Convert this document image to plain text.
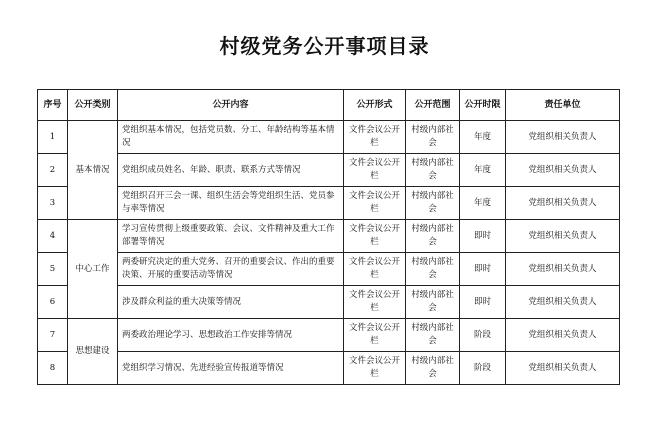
村级党务公开事项目录
序号	公开类别	公开内容	公开形式	公开范围	公开时限	责任单位
1	基本情况	党组织基本情况，包括党员数、分工、年龄结构等基本情况	文件会议公开栏	村级内部社会	年度	党组织相关负责人
2		党组织成员姓名、年龄、职责、联系方式等情况	文件会议公开栏	村级内部社会	年度	党组织相关负责人
3		党组织召开三会一课、组织生活会等党组织生活、党员参与率等情况	文件会议公开栏	村级内部社会	年度	党组织相关负责人
4	中心工作	学习宣传贯彻上级重要政策、会议、文件精神及重大工作部署等情况	文件会议公开栏	村级内部社会	即时	党组织相关负责人
5		两委研究决定的重大党务、召开的重要会议、作出的重要决策、开展的重要活动等情况	文件会议公开栏	村级内部社会	即时	党组织相关负责人
6		涉及群众利益的重大决策等情况	文件会议公开栏	村级内部社会	即时	党组织相关负责人
7	思想建设	两委政治理论学习、思想政治工作安排等情况	文件会议公开栏	村级内部社会	阶段	党组织相关负责人
8		党组织学习情况、先进经验宣传报道等情况	文件会议公开栏	村级内部社会	阶段	党组织相关负责人
